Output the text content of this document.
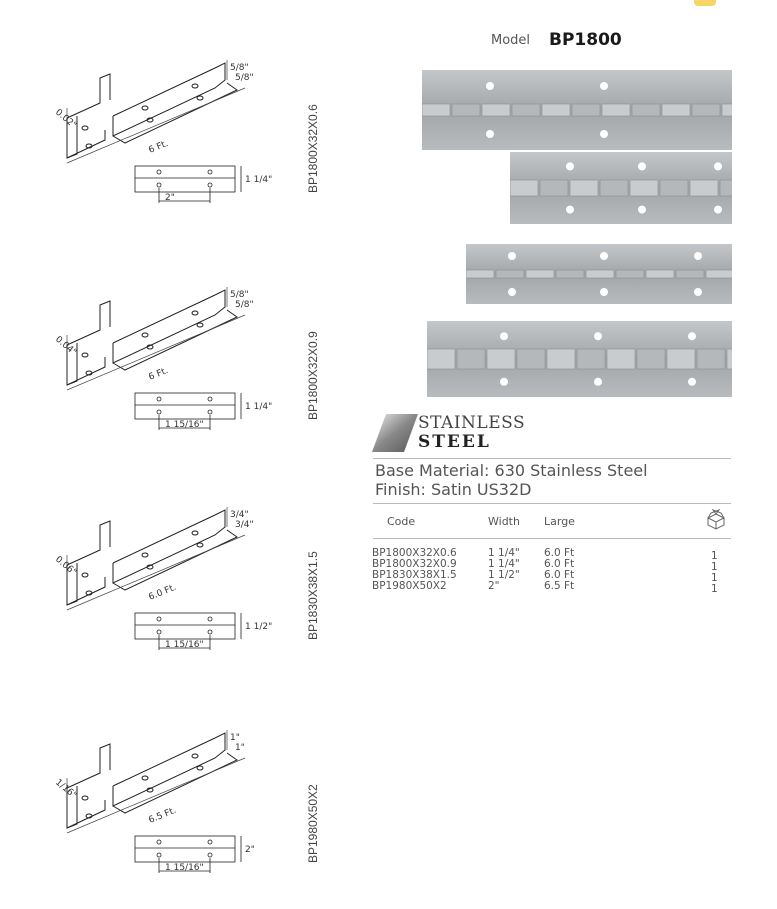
Model BP1800
0.02"
5/8"
5/8"
6 Ft.
2"
1 1/4"	BP1800X32X0.6
0.04"
5/8"
5/8"
6 Ft.
1 15/16"
1 1/4"	BP1800X32X0.9
0.06"
3/4"
3/4"
6.0 Ft.
1 15/16"
1 1/2"	BP1830X38X1.5
1/16"
1"
1"
6.5 Ft.
1 15/16"
2"	BP1980X50X2
STAINLESS
STEEL
Base Material: 630 Stainless Steel
Finish: Satin US32D
Code	Width Large
BP1800X32X0.6	1 1/4" 6.0 Ft	1
BP1800X32X0.9	1 1/4" 6.0 Ft	1
BP1830X38X1.5	1 1/2" 6.0 Ft	1
BP1980X50X2	2"	6.5 Ft	1
